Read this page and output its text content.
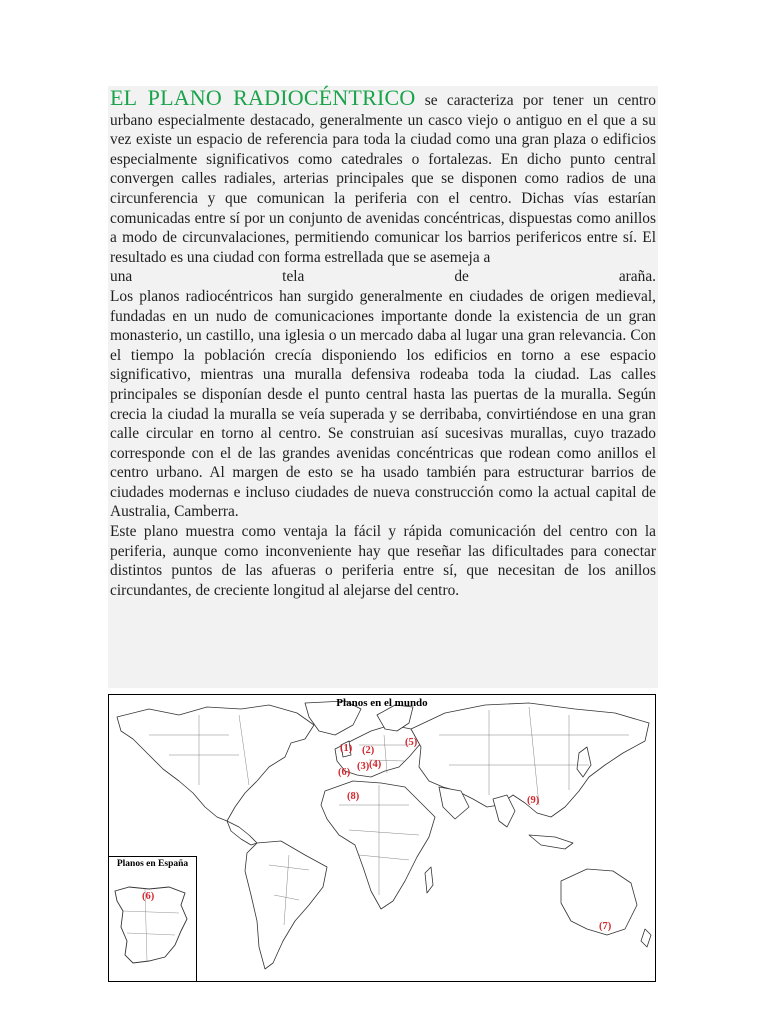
EL PLANO RADIOCÉNTRICO se caracteriza por tener un centro urbano especialmente destacado, generalmente un casco viejo o antiguo en el que a su vez existe un espacio de referencia para toda la ciudad como una gran plaza o edificios especialmente significativos como catedrales o fortalezas. En dicho punto central convergen calles radiales, arterias principales que se disponen como radios de una circunferencia y que comunican la periferia con el centro. Dichas vías estarían comunicadas entre sí por un conjunto de avenidas concéntricas, dispuestas como anillos a modo de circunvalaciones, permitiendo comunicar los barrios perifericos entre sí. El resultado es una ciudad con forma estrellada que se asemeja a

una tela de araña.

Los planos radiocéntricos han surgido generalmente en ciudades de origen medieval, fundadas en un nudo de comunicaciones importante donde la existencia de un gran monasterio, un castillo, una iglesia o un mercado daba al lugar una gran relevancia. Con el tiempo la población crecía disponiendo los edificios en torno a ese espacio significativo, mientras una muralla defensiva rodeaba toda la ciudad. Las calles principales se disponían desde el punto central hasta las puertas de la muralla. Según crecia la ciudad la muralla se veía superada y se derribaba, convirtiéndose en una gran calle circular en torno al centro. Se construian así sucesivas murallas, cuyo trazado corresponde con el de las grandes avenidas concéntricas que rodean como anillos el centro urbano. Al margen de esto se ha usado también para estructurar barrios de ciudades modernas e incluso ciudades de nueva construcción como la actual capital de Australia, Camberra.

Este plano muestra como ventaja la fácil y rápida comunicación del centro con la periferia, aunque como inconveniente hay que reseñar las dificultades para conectar distintos puntos de las afueras o periferia entre sí, que necesitan de los anillos circundantes, de creciente longitud al alejarse del centro.

Planos en el mundo
(1) (2)
(3) (4)
(5)
(6)
(7)
(8)	(9)
Planos en España
(6)
